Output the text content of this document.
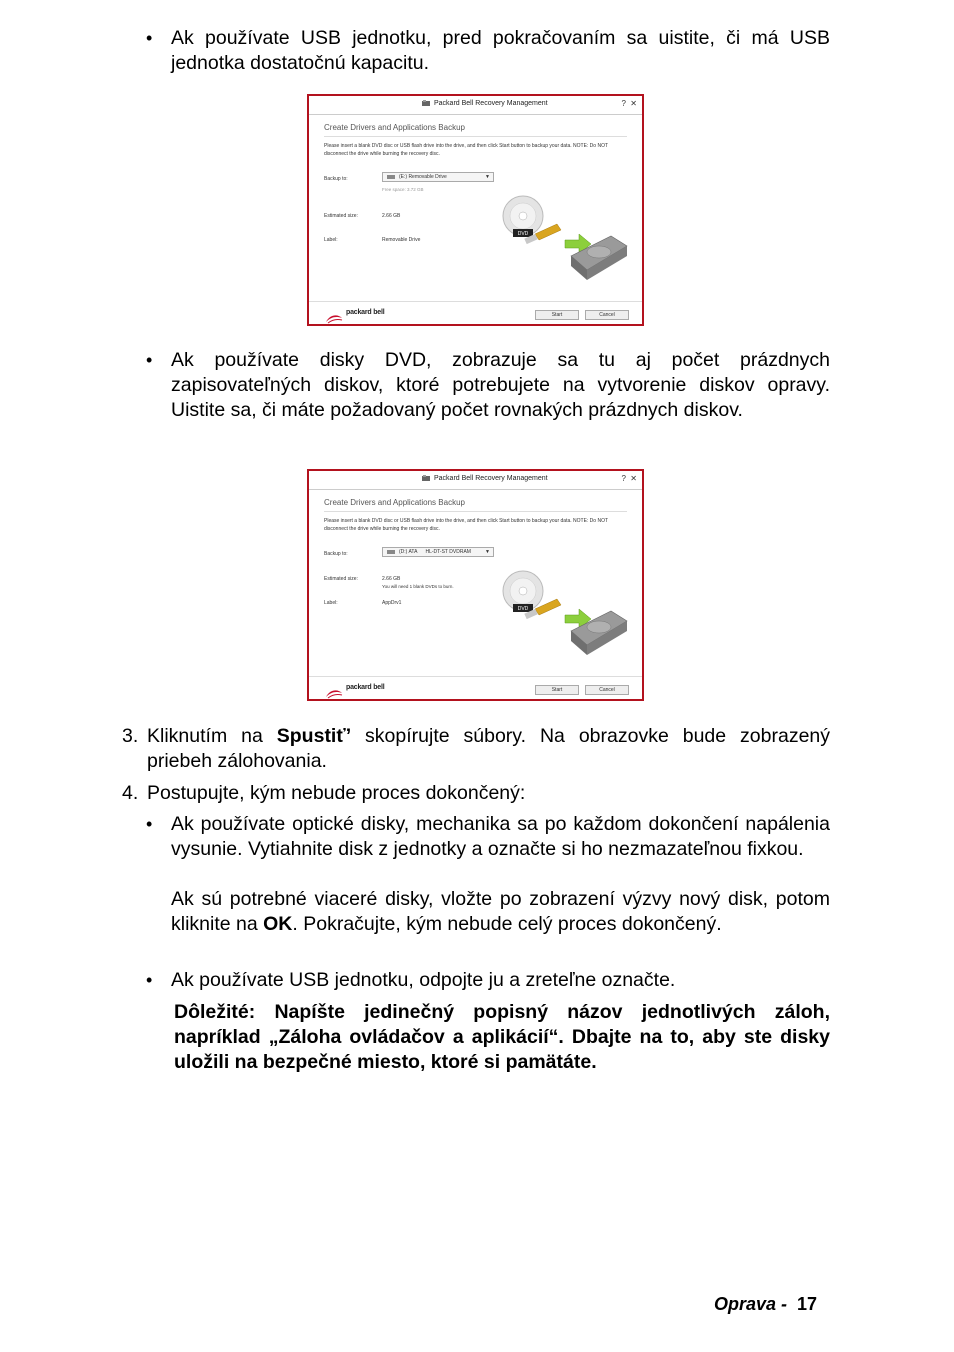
• Ak používate USB jednotku, pred pokračovaním sa uistite, či má USB jednotka dostatočnú kapacitu.
Packard Bell Recovery Management	? ✕
Create Drivers and Applications Backup
Please insert a blank DVD disc or USB flash drive into the drive, and then click Start button to backup your data. NOTE: Do NOT disconnect the drive while burning the recovery disc.
Backup to:	(E:) Removable Drive	▼
Free space: 3.72 GB
Estimated size:	2.66 GB
Label:	Removable Drive
DVD
packard bell	Start	Cancel
• Ak používate disky DVD, zobrazuje sa tu aj počet prázdnych zapisovateľných diskov, ktoré potrebujete na vytvorenie diskov opravy. Uistite sa, či máte požadovaný počet rovnakých prázdnych diskov.
Packard Bell Recovery Management	? ✕
Create Drivers and Applications Backup
Please insert a blank DVD disc or USB flash drive into the drive, and then click Start button to backup your data. NOTE: Do NOT disconnect the drive while burning the recovery disc.
Backup to:	(D:) ATA      HL-DT-ST DVDRAM	▼
Estimated size:	2.66 GB
You will need 1 blank DVDs to burn.
Label:	AppDrv1
DVD
packard bell	Start	Cancel
3. Kliknutím na Spustiť’ skopírujte súbory. Na obrazovke bude zobrazený priebeh zálohovania.
4. Postupujte, kým nebude proces dokončený:
• Ak používate optické disky, mechanika sa po každom dokončení napálenia vysunie. Vytiahnite disk z jednotky a označte si ho nezmazateľnou fixkou.
Ak sú potrebné viaceré disky, vložte po zobrazení výzvy nový disk, potom kliknite na OK. Pokračujte, kým nebude celý proces dokončený.
• Ak používate USB jednotku, odpojte ju a zreteľne označte.
Dôležité: Napíšte jedinečný popisný názov jednotlivých záloh, napríklad „Záloha ovládačov a aplikácií“. Dbajte na to, aby ste disky uložili na bezpečné miesto, ktoré si pamätáte.
Oprava - 17
